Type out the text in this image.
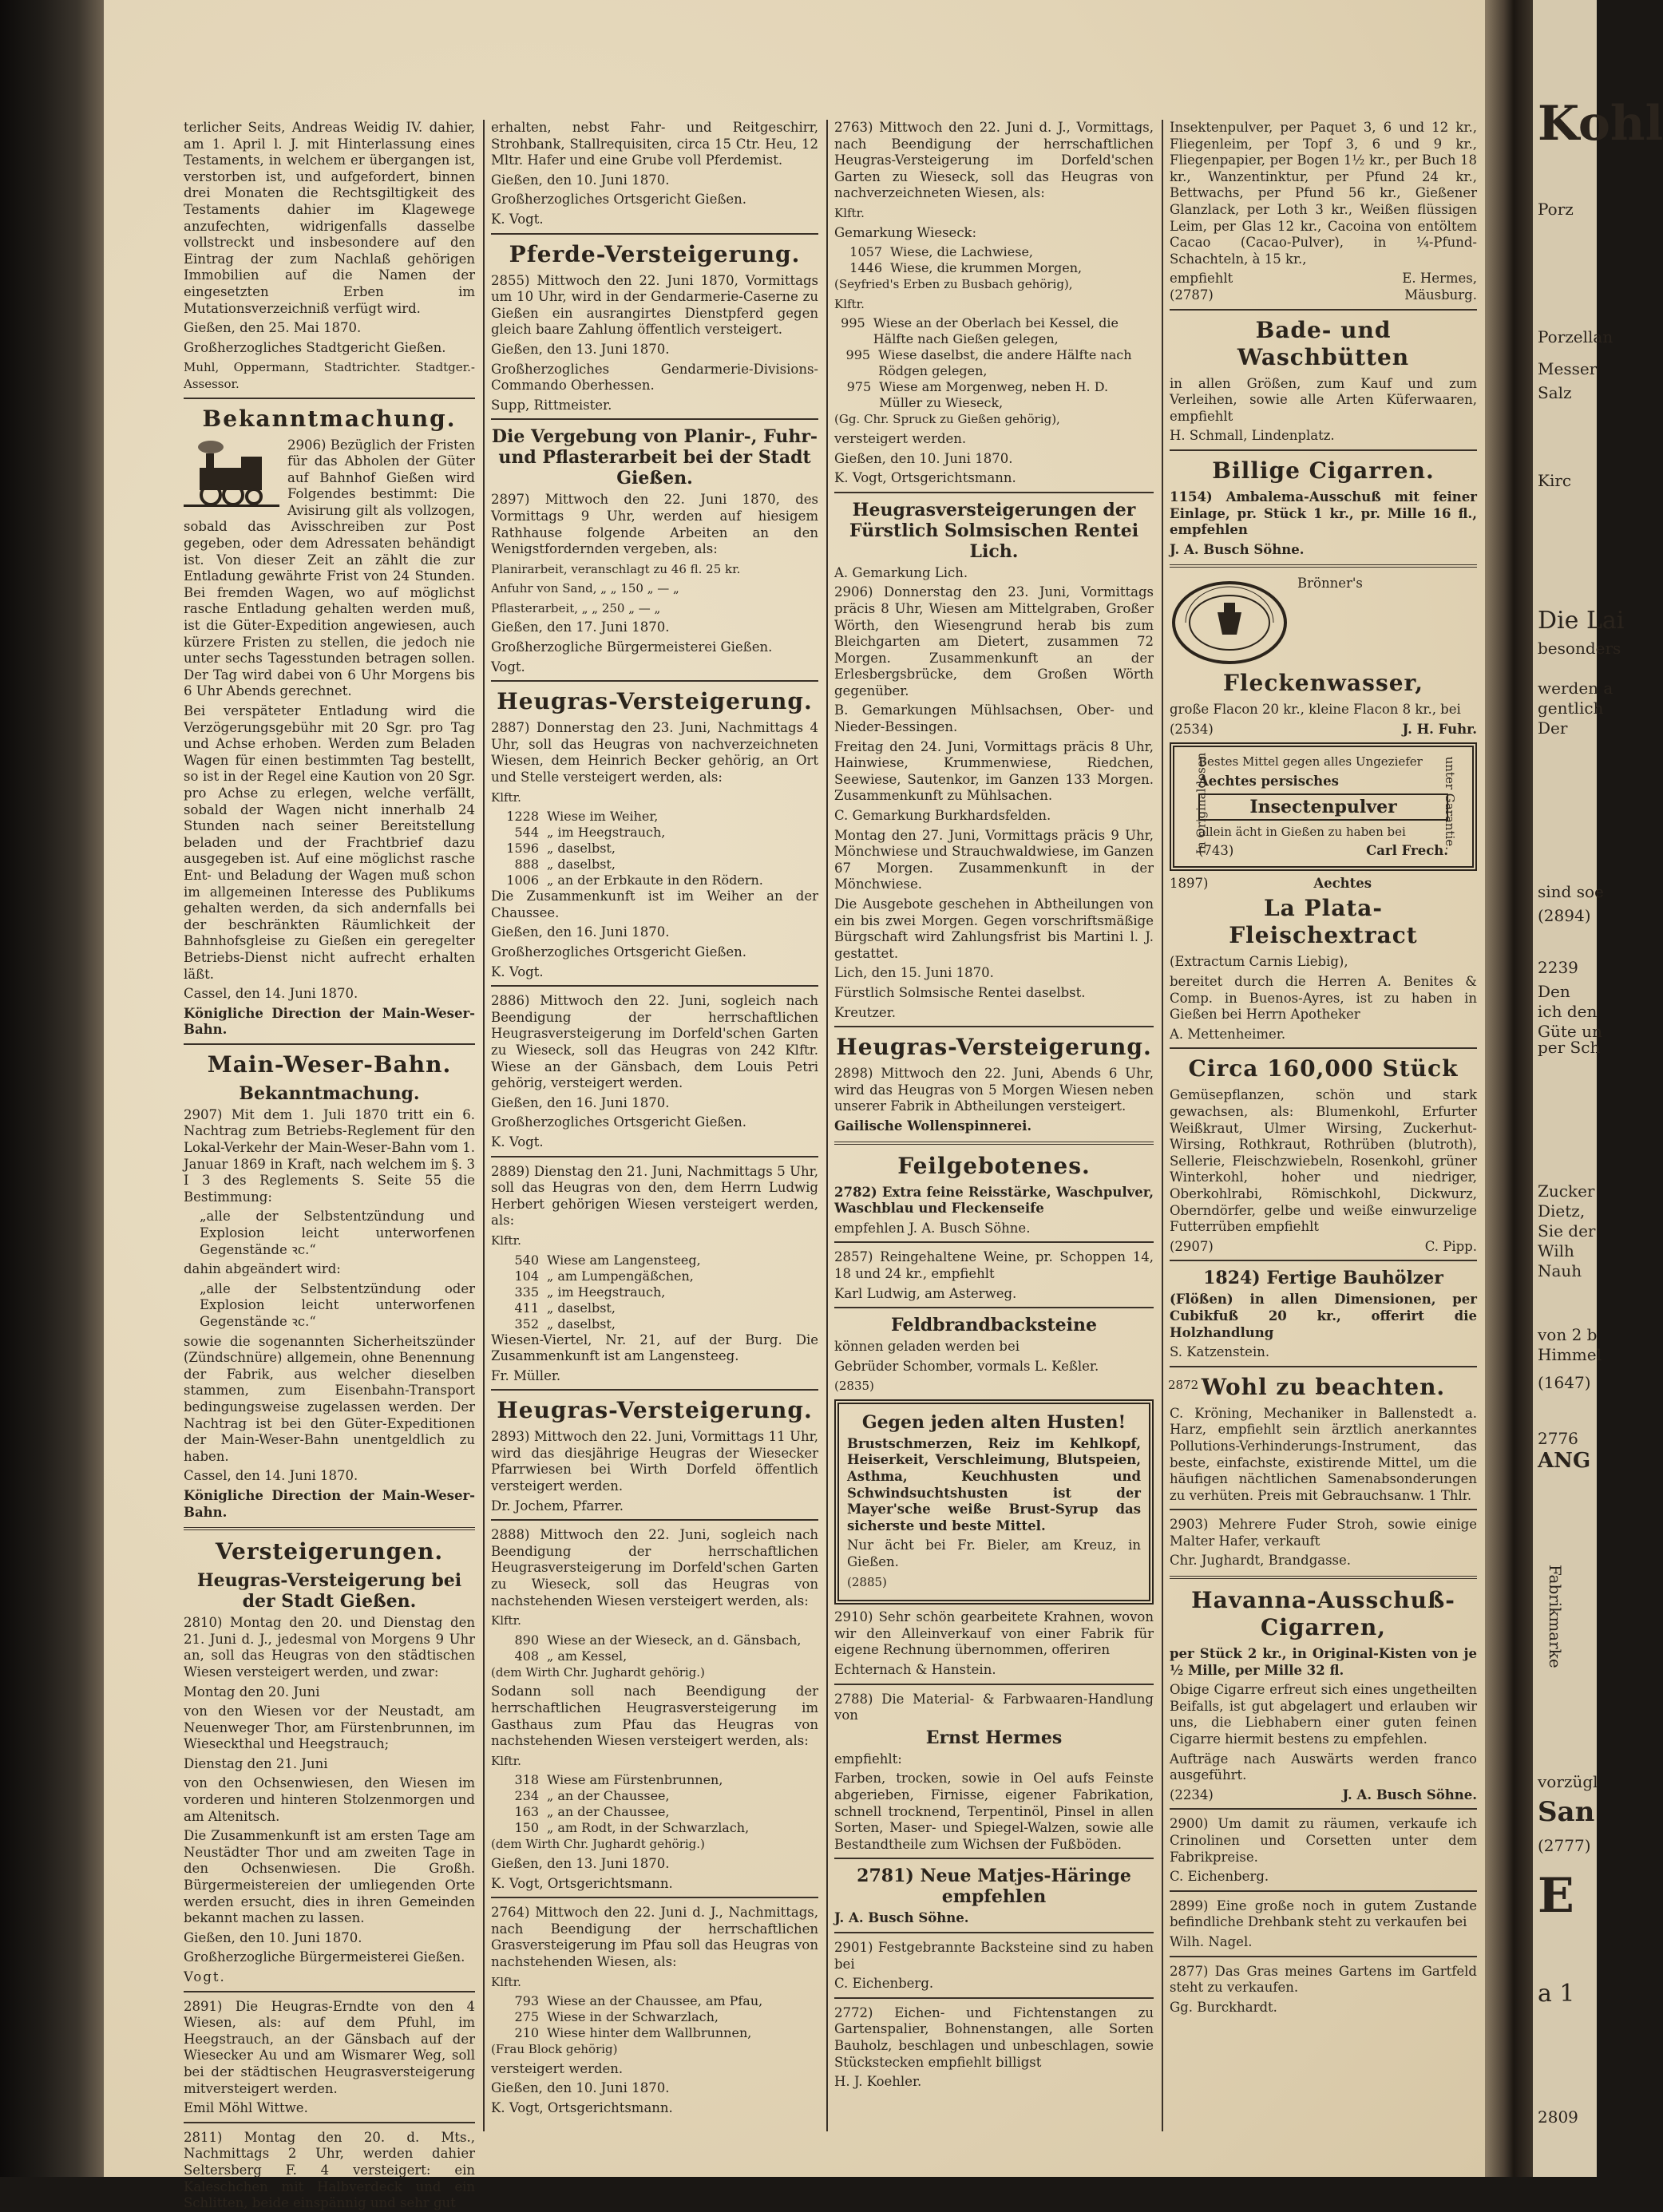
terlicher Seits, Andreas Weidig IV. dahier, am 1. April l. J. mit Hinterlassung eines Testaments, in welchem er übergangen ist, verstorben ist, und aufgefordert, binnen drei Monaten die Rechtsgiltigkeit des Testaments dahier im Klagewege anzufechten, widrigenfalls dasselbe vollstreckt und insbesondere auf den Eintrag der zum Nachlaß gehörigen Immobilien auf die Namen der eingesetzten Erben im Mutationsverzeichniß verfügt wird.

Gießen, den 25. Mai 1870.

Großherzogliches Stadtgericht Gießen.

Muhl, Oppermann, Stadtrichter. Stadtger.-Assessor.

Bekanntmachung.

2906) Bezüglich der Fristen für das Abholen der Güter auf Bahnhof Gießen wird Folgendes bestimmt: Die Avisirung gilt als vollzogen, sobald das Avisschreiben zur Post gegeben, oder dem Adressaten behändigt ist. Von dieser Zeit an zählt die zur Entladung gewährte Frist von 24 Stunden. Bei fremden Wagen, wo auf möglichst rasche Entladung gehalten werden muß, ist die Güter-Expedition angewiesen, auch kürzere Fristen zu stellen, die jedoch nie unter sechs Tagesstunden betragen sollen. Der Tag wird dabei von 6 Uhr Morgens bis 6 Uhr Abends gerechnet.

Bei verspäteter Entladung wird die Verzögerungsgebühr mit 20 Sgr. pro Tag und Achse erhoben. Werden zum Beladen Wagen für einen bestimmten Tag bestellt, so ist in der Regel eine Kaution von 20 Sgr. pro Achse zu erlegen, welche verfällt, sobald der Wagen nicht innerhalb 24 Stunden nach seiner Bereitstellung beladen und der Frachtbrief dazu ausgegeben ist. Auf eine möglichst rasche Ent- und Beladung der Wagen muß schon im allgemeinen Interesse des Publikums gehalten werden, da sich andernfalls bei der beschränkten Räumlichkeit der Bahnhofsgleise zu Gießen ein geregelter Betriebs-Dienst nicht aufrecht erhalten läßt.

Cassel, den 14. Juni 1870.

Königliche Direction der Main-Weser-Bahn.

Main-Weser-Bahn.
Bekanntmachung.

2907) Mit dem 1. Juli 1870 tritt ein 6. Nachtrag zum Betriebs-Reglement für den Lokal-Verkehr der Main-Weser-Bahn vom 1. Januar 1869 in Kraft, nach welchem im §. 3 I 3 des Reglements S. Seite 55 die Bestimmung:

„alle der Selbstentzündung und Explosion leicht unterworfenen Gegenstände ꝛc.“

dahin abgeändert wird:

„alle der Selbstentzündung oder Explosion leicht unterworfenen Gegenstände ꝛc.“

sowie die sogenannten Sicherheitszünder (Zündschnüre) allgemein, ohne Benennung der Fabrik, aus welcher dieselben stammen, zum Eisenbahn-Transport bedingungsweise zugelassen werden. Der Nachtrag ist bei den Güter-Expeditionen der Main-Weser-Bahn unentgeldlich zu haben.

Cassel, den 14. Juni 1870.

Königliche Direction der Main-Weser-Bahn.

Versteigerungen.
Heugras-Versteigerung bei der Stadt Gießen.

2810) Montag den 20. und Dienstag den 21. Juni d. J., jedesmal von Morgens 9 Uhr an, soll das Heugras von den städtischen Wiesen versteigert werden, und zwar:

Montag den 20. Juni

von den Wiesen vor der Neustadt, am Neuenweger Thor, am Fürstenbrunnen, im Wieseckthal und Heegstrauch;

Dienstag den 21. Juni

von den Ochsenwiesen, den Wiesen im vorderen und hinteren Stolzenmorgen und am Altenitsch.

Die Zusammenkunft ist am ersten Tage am Neustädter Thor und am zweiten Tage in den Ochsenwiesen. Die Großh. Bürgermeistereien der umliegenden Orte werden ersucht, dies in ihren Gemeinden bekannt machen zu lassen.

Gießen, den 10. Juni 1870.

Großherzogliche Bürgermeisterei Gießen.

Vogt.

2891) Die Heugras-Erndte von den 4 Wiesen, als: auf dem Pfuhl, im Heegstrauch, an der Gänsbach auf der Wiesecker Au und am Wismarer Weg, soll bei der städtischen Heugrasversteigerung mitversteigert werden.

Emil Möhl Wittwe.

2811) Montag den 20. d. Mts., Nachmittags 2 Uhr, werden dahier Seltersberg F. 4 versteigert: ein Kaleschchen mit Halbverdeck und ein Schlitten, beide einspännig und sehr gut

erhalten, nebst Fahr- und Reitgeschirr, Strohbank, Stallrequisiten, circa 15 Ctr. Heu, 12 Mltr. Hafer und eine Grube voll Pferdemist.

Gießen, den 10. Juni 1870.

Großherzogliches Ortsgericht Gießen.

K. Vogt.

Pferde-Versteigerung.

2855) Mittwoch den 22. Juni 1870, Vormittags um 10 Uhr, wird in der Gendarmerie-Caserne zu Gießen ein ausrangirtes Dienstpferd gegen gleich baare Zahlung öffentlich versteigert.

Gießen, den 13. Juni 1870.

Großherzogliches Gendarmerie-Divisions-Commando Oberhessen.

Supp, Rittmeister.

Die Vergebung von Planir-, Fuhr- und Pflasterarbeit bei der Stadt Gießen.

2897) Mittwoch den 22. Juni 1870, des Vormittags 9 Uhr, werden auf hiesigem Rathhause folgende Arbeiten an den Wenigstfordernden vergeben, als:

Planirarbeit, veranschlagt zu 46 fl. 25 kr.

Anfuhr von Sand, „ „ 150 „ — „

Pflasterarbeit, „ „ 250 „ — „

Gießen, den 17. Juni 1870.

Großherzogliche Bürgermeisterei Gießen.

Vogt.

Heugras-Versteigerung.

2887) Donnerstag den 23. Juni, Nachmittags 4 Uhr, soll das Heugras von nachverzeichneten Wiesen, dem Heinrich Becker gehörig, an Ort und Stelle versteigert werden, als:

Klftr.

1228 Wiese im Weiher,
544 „ im Heegstrauch,
1596 „ daselbst,
888 „ daselbst,
1006 „ an der Erbkaute in den Rödern.

Die Zusammenkunft ist im Weiher an der Chaussee.

Gießen, den 16. Juni 1870.

Großherzogliches Ortsgericht Gießen.

K. Vogt.

2886) Mittwoch den 22. Juni, sogleich nach Beendigung der herrschaftlichen Heugrasversteigerung im Dorfeld'schen Garten zu Wieseck, soll das Heugras von 242 Klftr. Wiese an der Gänsbach, dem Louis Petri gehörig, versteigert werden.

Gießen, den 16. Juni 1870.

Großherzogliches Ortsgericht Gießen.

K. Vogt.

2889) Dienstag den 21. Juni, Nachmittags 5 Uhr, soll das Heugras von den, dem Herrn Ludwig Herbert gehörigen Wiesen versteigert werden, als:

Klftr.

540 Wiese am Langensteeg,
104 „ am Lumpengäßchen,
335 „ im Heegstrauch,
411 „ daselbst,
352 „ daselbst,

Wiesen-Viertel, Nr. 21, auf der Burg. Die Zusammenkunft ist am Langensteeg.

Fr. Müller.

Heugras-Versteigerung.

2893) Mittwoch den 22. Juni, Vormittags 11 Uhr, wird das diesjährige Heugras der Wiesecker Pfarrwiesen bei Wirth Dorfeld öffentlich versteigert werden.

Dr. Jochem, Pfarrer.

2888) Mittwoch den 22. Juni, sogleich nach Beendigung der herrschaftlichen Heugrasversteigerung im Dorfeld'schen Garten zu Wieseck, soll das Heugras von nachstehenden Wiesen versteigert werden, als:

Klftr.

890 Wiese an der Wieseck, an d. Gänsbach,
408 „ am Kessel,

(dem Wirth Chr. Jughardt gehörig.)

Sodann soll nach Beendigung der herrschaftlichen Heugrasversteigerung im Gasthaus zum Pfau das Heugras von nachstehenden Wiesen versteigert werden, als:

Klftr.

318 Wiese am Fürstenbrunnen,
234 „ an der Chaussee,
163 „ an der Chaussee,
150 „ am Rodt, in der Schwarzlach,

(dem Wirth Chr. Jughardt gehörig.)

Gießen, den 13. Juni 1870.

K. Vogt, Ortsgerichtsmann.

2764) Mittwoch den 22. Juni d. J., Nachmittags, nach Beendigung der herrschaftlichen Grasversteigerung im Pfau soll das Heugras von nachstehenden Wiesen, als:

Klftr.

793 Wiese an der Chaussee, am Pfau,
275 Wiese in der Schwarzlach,
210 Wiese hinter dem Wallbrunnen,

(Frau Block gehörig)

versteigert werden.

Gießen, den 10. Juni 1870.

K. Vogt, Ortsgerichtsmann.

2763) Mittwoch den 22. Juni d. J., Vormittags, nach Beendigung der herrschaftlichen Heugras-Versteigerung im Dorfeld'schen Garten zu Wieseck, soll das Heugras von nachverzeichneten Wiesen, als:

Klftr.

Gemarkung Wieseck:

1057 Wiese, die Lachwiese,
1446 Wiese, die krummen Morgen,

(Seyfried's Erben zu Busbach gehörig),

Klftr.

995 Wiese an der Oberlach bei Kessel, die Hälfte nach Gießen gelegen,
995 Wiese daselbst, die andere Hälfte nach Rödgen gelegen,
975 Wiese am Morgenweg, neben H. D. Müller zu Wieseck,

(Gg. Chr. Spruck zu Gießen gehörig),

versteigert werden.

Gießen, den 10. Juni 1870.

K. Vogt, Ortsgerichtsmann.

Heugrasversteigerungen der Fürstlich Solmsischen Rentei Lich.

A. Gemarkung Lich.

2906) Donnerstag den 23. Juni, Vormittags präcis 8 Uhr, Wiesen am Mittelgraben, Großer Wörth, den Wiesengrund herab bis zum Bleichgarten am Dietert, zusammen 72 Morgen. Zusammenkunft an der Erlesbergsbrücke, dem Großen Wörth gegenüber.

B. Gemarkungen Mühlsachsen, Ober- und Nieder-Bessingen.

Freitag den 24. Juni, Vormittags präcis 8 Uhr, Hainwiese, Krummenwiese, Riedchen, Seewiese, Sautenkor, im Ganzen 133 Morgen. Zusammenkunft zu Mühlsachen.

C. Gemarkung Burkhardsfelden.

Montag den 27. Juni, Vormittags präcis 9 Uhr, Mönchwiese und Strauchwaldwiese, im Ganzen 67 Morgen. Zusammenkunft in der Mönchwiese.

Die Ausgebote geschehen in Abtheilungen von ein bis zwei Morgen. Gegen vorschriftsmäßige Bürgschaft wird Zahlungsfrist bis Martini l. J. gestattet.

Lich, den 15. Juni 1870.

Fürstlich Solmsische Rentei daselbst.

Kreutzer.

Heugras-Versteigerung.

2898) Mittwoch den 22. Juni, Abends 6 Uhr, wird das Heugras von 5 Morgen Wiesen neben unserer Fabrik in Abtheilungen versteigert.

Gailische Wollenspinnerei.

Feilgebotenes.

2782) Extra feine Reisstärke, Waschpulver, Waschblau und Fleckenseife

empfehlen J. A. Busch Söhne.

2857) Reingehaltene Weine, pr. Schoppen 14, 18 und 24 kr., empfiehlt

Karl Ludwig, am Asterweg.

Feldbrandbacksteine

können geladen werden bei

Gebrüder Schomber, vormals L. Keßler.

(2835)

Gegen jeden alten Husten!

Brustschmerzen, Reiz im Kehlkopf, Heiserkeit, Verschleimung, Blutspeien, Asthma, Keuchhusten und Schwindsuchtshusten ist der Mayer'sche weiße Brust-Syrup das sicherste und beste Mittel.

Nur ächt bei Fr. Bieler, am Kreuz, in Gießen.

(2885)

2910) Sehr schön gearbeitete Krahnen, wovon wir den Alleinverkauf von einer Fabrik für eigene Rechnung übernommen, offeriren

Echternach & Hanstein.

2788) Die Material- & Farbwaaren-Handlung von

Ernst Hermes

empfiehlt:

Farben, trocken, sowie in Oel aufs Feinste abgerieben, Firnisse, eigener Fabrikation, schnell trocknend, Terpentinöl, Pinsel in allen Sorten, Maser- und Spiegel-Walzen, sowie alle Bestandtheile zum Wichsen der Fußböden.

2781) Neue Matjes-Häringe empfehlen

J. A. Busch Söhne.

2901) Festgebrannte Backsteine sind zu haben bei

C. Eichenberg.

2772) Eichen- und Fichtenstangen zu Gartenspalier, Bohnenstangen, alle Sorten Bauholz, beschlagen und unbeschlagen, sowie Stückstecken empfiehlt billigst

H. J. Koehler.

Insektenpulver, per Paquet 3, 6 und 12 kr., Fliegenleim, per Topf 3, 6 und 9 kr., Fliegenpapier, per Bogen 1½ kr., per Buch 18 kr., Wanzentinktur, per Pfund 24 kr., Bettwachs, per Pfund 56 kr., Gießener Glanzlack, per Loth 3 kr., Weißen flüssigen Leim, per Glas 12 kr., Cacoina von entöltem Cacao (Cacao-Pulver), in ¼-Pfund-Schachteln, à 15 kr.,

empfiehlt	E. Hermes,
(2787)	Mäusburg.
Bade- und Waschbütten

in allen Größen, zum Kauf und zum Verleihen, sowie alle Arten Küferwaaren, empfiehlt

H. Schmall, Lindenplatz.

Billige Cigarren.

1154) Ambalema-Ausschuß mit feiner Einlage, pr. Stück 1 kr., pr. Mille 16 fl., empfehlen

J. A. Busch Söhne.

Brönner's

Fleckenwasser,

große Flacon 20 kr., kleine Flacon 8 kr., bei

(2534)	J. H. Fuhr.
In Originaldosen	unter Garantie.

Bestes Mittel gegen alles Ungeziefer

Aechtes persisches

Insectenpulver

allein ächt in Gießen zu haben bei

(743)	Carl Frech.
1897)	Aechtes
La Plata-Fleischextract

(Extractum Carnis Liebig),

bereitet durch die Herren A. Benites & Comp. in Buenos-Ayres, ist zu haben in Gießen bei Herrn Apotheker

A. Mettenheimer.

Circa 160,000 Stück

Gemüsepflanzen, schön und stark gewachsen, als: Blumenkohl, Erfurter Weißkraut, Ulmer Wirsing, Zuckerhut-Wirsing, Rothkraut, Rothrüben (blutroth), Sellerie, Fleischzwiebeln, Rosenkohl, grüner Winterkohl, hoher und niedriger, Oberkohlrabi, Römischkohl, Dickwurz, Oberndörfer, gelbe und weiße einwurzelige Futterrüben empfiehlt

(2907)	C. Pipp.
1824) Fertige Bauhölzer

(Flößen) in allen Dimensionen, per Cubikfuß 20 kr., offerirt die Holzhandlung

S. Katzenstein.

2872 Wohl zu beachten.

C. Kröning, Mechaniker in Ballenstedt a. Harz, empfiehlt sein ärztlich anerkanntes Pollutions-Verhinderungs-Instrument, das beste, einfachste, existirende Mittel, um die häufigen nächtlichen Samenabsonderungen zu verhüten. Preis mit Gebrauchsanw. 1 Thlr.

2903) Mehrere Fuder Stroh, sowie einige Malter Hafer, verkauft

Chr. Jughardt, Brandgasse.

Havanna-Ausschuß-Cigarren,

per Stück 2 kr., in Original-Kisten von je ½ Mille, per Mille 32 fl.

Obige Cigarre erfreut sich eines ungetheilten Beifalls, ist gut abgelagert und erlauben wir uns, die Liebhabern einer guten feinen Cigarre hiermit bestens zu empfehlen.

Aufträge nach Auswärts werden franco ausgeführt.

(2234)	J. A. Busch Söhne.

2900) Um damit zu räumen, verkaufe ich Crinolinen und Corsetten unter dem Fabrikpreise.

C. Eichenberg.

2899) Eine große noch in gutem Zustande befindliche Drehbank steht zu verkaufen bei

Wilh. Nagel.

2877) Das Gras meines Gartens im Gartfeld steht zu verkaufen.

Gg. Burckhardt.

Kohl
Porz
Porzellan
Messer
Salz
Kirc
Die Lai
besonders
werden a
gentlich
Der
sind soe
(2894)
2239
Den
ich den
Güte un
per Sch
Zucker
Dietz,
Sie der
Wilh
Nauh
von 2 b
Himmel
(1647)
2776
ANG
Fabrikmarke
vorzügl
San
(2777)
E
a 1
2809
